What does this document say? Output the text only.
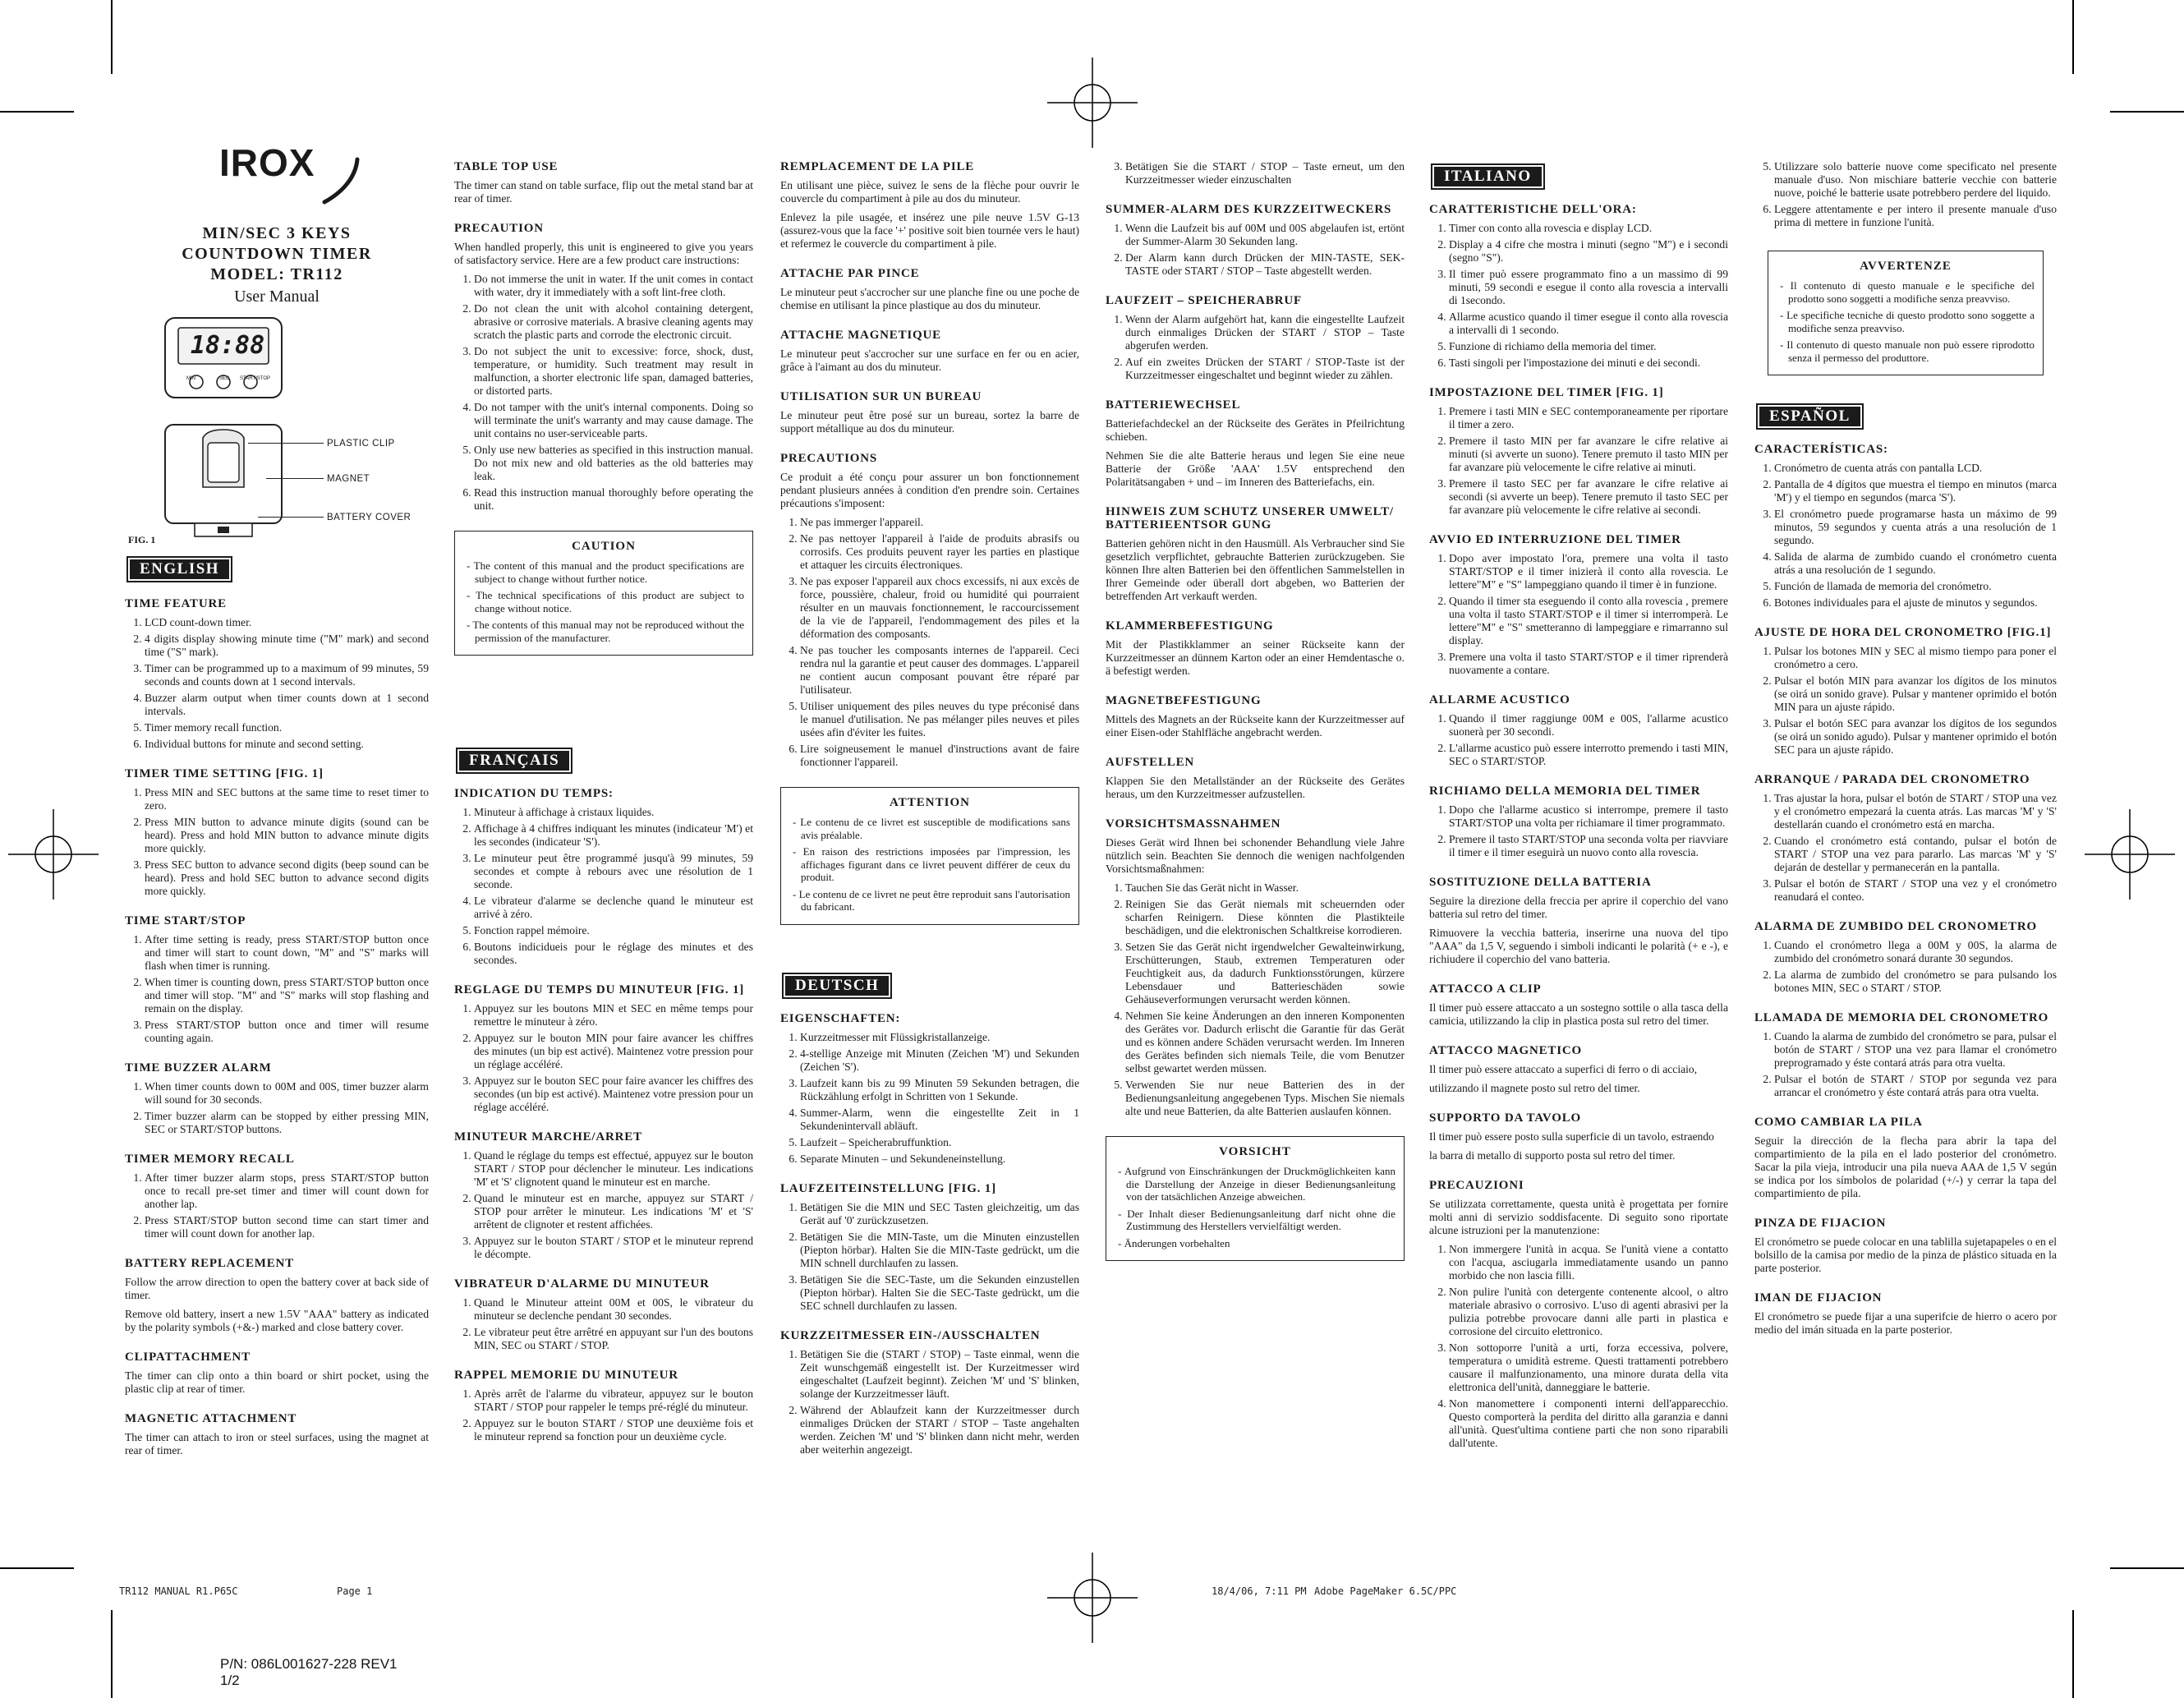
IROX
MIN/SEC 3 KEYS
COUNTDOWN TIMER
MODEL: TR112
User Manual
18:88
MIN	SEC START/STOP
PLASTIC CLIP
MAGNET
BATTERY COVER
FIG. 1
ENGLISH
TIME FEATURE
1. LCD count-down timer.
2. 4 digits display showing minute time ("M" mark) and second time ("S" mark).
3. Timer can be programmed up to a maximum of 99 minutes, 59 seconds and counts down at 1 second intervals.
4. Buzzer alarm output when timer counts down at 1 second intervals.
5. Timer memory recall function.
6. Individual buttons for minute and second setting.
TIMER TIME SETTING [FIG. 1]
1. Press MIN and SEC buttons at the same time to reset timer to zero.
2. Press MIN button to advance minute digits (sound can be heard). Press and hold MIN button to advance minute digits more quickly.
3. Press SEC button to advance second digits (beep sound can be heard). Press and hold SEC button to advance second digits more quickly.
TIME START/STOP
1. After time setting is ready, press START/STOP button once and timer will start to count down, "M" and "S" marks will flash when timer is running.
2. When timer is counting down, press START/STOP button once and timer will stop. "M" and "S" marks will stop flashing and remain on the display.
3. Press START/STOP button once and timer will resume counting again.
TIME BUZZER ALARM
1. When timer counts down to 00M and 00S, timer buzzer alarm will sound for 30 seconds.
2. Timer buzzer alarm can be stopped by either pressing MIN, SEC or START/STOP buttons.
TIMER MEMORY RECALL
1. After timer buzzer alarm stops, press START/STOP button once to recall pre-set timer and timer will count down for another lap.
2. Press START/STOP button second time can start timer and timer will count down for another lap.
BATTERY REPLACEMENT

Follow the arrow direction to open the battery cover at back side of timer.

Remove old battery, insert a new 1.5V "AAA" battery as indicated by the polarity symbols (+&-) marked and close battery cover.

CLIPATTACHMENT

The timer can clip onto a thin board or shirt pocket, using the plastic clip at rear of timer.

MAGNETIC ATTACHMENT

The timer can attach to iron or steel surfaces, using the magnet at rear of timer.

TABLE TOP USE

The timer can stand on table surface, flip out the metal stand bar at rear of timer.

PRECAUTION

When handled properly, this unit is engineered to give you years of satisfactory service. Here are a few product care instructions:

1. Do not immerse the unit in water. If the unit comes in contact with water, dry it immediately with a soft lint-free cloth.
2. Do not clean the unit with alcohol containing detergent, abrasive or corrosive materials. A brasive cleaning agents may scratch the plastic parts and corrode the electronic circuit.
3. Do not subject the unit to excessive: force, shock, dust, temperature, or humidity. Such treatment may result in malfunction, a shorter electronic life span, damaged batteries, or distorted parts.
4. Do not tamper with the unit's internal components. Doing so will terminate the unit's warranty and may cause damage. The unit contains no user-serviceable parts.
5. Only use new batteries as specified in this instruction manual. Do not mix new and old batteries as the old batteries may leak.
6. Read this instruction manual thoroughly before operating the unit.
CAUTION
- The content of this manual and the product specifications are subject to change without further notice.
- The technical specifications of this product are subject to change without notice.
- The contents of this manual may not be reproduced without the permission of the manufacturer.
FRANÇAIS
INDICATION DU TEMPS:
1. Minuteur à affichage à cristaux liquides.
2. Affichage à 4 chiffres indiquant les minutes (indicateur 'M') et les secondes (indicateur 'S').
3. Le minuteur peut être programmé jusqu'à 99 minutes, 59 secondes et compte à rebours avec une résolution de 1 seconde.
4. Le vibrateur d'alarme se declenche quand le minuteur est arrivé à zéro.
5. Fonction rappel mémoire.
6. Boutons indicidueis pour le réglage des minutes et des secondes.
REGLAGE DU TEMPS DU MINUTEUR [FIG. 1]
1. Appuyez sur les boutons MIN et SEC en même temps pour remettre le minuteur à zéro.
2. Appuyez sur le bouton MIN pour faire avancer les chiffres des minutes (un bip est activé). Maintenez votre pression pour un réglage accéléré.
3. Appuyez sur le bouton SEC pour faire avancer les chiffres des secondes (un bip est activé). Maintenez votre pression pour un réglage accéléré.
MINUTEUR MARCHE/ARRET
1. Quand le réglage du temps est effectué, appuyez sur le bouton START / STOP pour déclencher le minuteur. Les indications 'M' et 'S' clignotent quand le minuteur est en marche.
2. Quand le minuteur est en marche, appuyez sur START / STOP pour arrêter le minuteur. Les indications 'M' et 'S' arrêtent de clignoter et restent affichées.
3. Appuyez sur le bouton START / STOP et le minuteur reprend le décompte.
VIBRATEUR D'ALARME DU MINUTEUR
1. Quand le Minuteur atteint 00M et 00S, le vibrateur du minuteur se declenche pendant 30 secondes.
2. Le vibrateur peut être arrêtré en appuyant sur l'un des boutons MIN, SEC ou START / STOP.
RAPPEL MEMORIE DU MINUTEUR
1. Après arrêt de l'alarme du vibrateur, appuyez sur le bouton START / STOP pour rappeler le temps pré-réglé du minuteur.
2. Appuyez sur le bouton START / STOP une deuxième fois et le minuteur reprend sa fonction pour un deuxième cycle.
REMPLACEMENT DE LA PILE

En utilisant une pièce, suivez le sens de la flèche pour ouvrir le couvercle du compartiment à pile au dos du minuteur.

Enlevez la pile usagée, et insérez une pile neuve 1.5V G-13 (assurez-vous que la face '+' positive soit bien tournée vers le haut) et refermez le couvercle du compartiment à pile.

ATTACHE PAR PINCE

Le minuteur peut s'accrocher sur une planche fine ou une poche de chemise en utilisant la pince plastique au dos du minuteur.

ATTACHE MAGNETIQUE

Le minuteur peut s'accrocher sur une surface en fer ou en acier, grâce à l'aimant au dos du minuteur.

UTILISATION SUR UN BUREAU

Le minuteur peut être posé sur un bureau, sortez la barre de support métallique au dos du minuteur.

PRECAUTIONS

Ce produit a été conçu pour assurer un bon fonctionnement pendant plusieurs années à condition d'en prendre soin. Certaines précautions s'imposent:

1. Ne pas immerger l'appareil.
2. Ne pas nettoyer l'appareil à l'aide de produits abrasifs ou corrosifs. Ces produits peuvent rayer les parties en plastique et attaquer les circuits électroniques.
3. Ne pas exposer l'appareil aux chocs excessifs, ni aux excès de force, poussière, chaleur, froid ou humidité qui pourraient résulter en un mauvais fonctionnement, le raccourcissement de la vie de l'appareil, l'endommagement des piles et la déformation des composants.
4. Ne pas toucher les composants internes de l'appareil. Ceci rendra nul la garantie et peut causer des dommages. L'appareil ne contient aucun composant pouvant être réparé par l'utilisateur.
5. Utiliser uniquement des piles neuves du type préconisé dans le manuel d'utilisation. Ne pas mélanger piles neuves et piles usées afin d'éviter les fuites.
6. Lire soigneusement le manuel d'instructions avant de faire fonctionner l'appareil.
ATTENTION
- Le contenu de ce livret est susceptible de modifications sans avis préalable.
- En raison des restrictions imposées par l'impression, les affichages figurant dans ce livret peuvent différer de ceux du produit.
- Le contenu de ce livret ne peut être reproduit sans l'autorisation du fabricant.
DEUTSCH
EIGENSCHAFTEN:
1. Kurzzeitmesser mit Flüssigkristallanzeige.
2. 4-stellige Anzeige mit Minuten (Zeichen 'M') und Sekunden (Zeichen 'S').
3. Laufzeit kann bis zu 99 Minuten 59 Sekunden betragen, die Rückzählung erfolgt in Schritten von 1 Sekunde.
4. Summer-Alarm, wenn die eingestellte Zeit in 1 Sekundenintervall abläuft.
5. Laufzeit – Speicherabruffunktion.
6. Separate Minuten – und Sekundeneinstellung.
LAUFZEITEINSTELLUNG [FIG. 1]
1. Betätigen Sie die MIN und SEC Tasten gleichzeitig, um das Gerät auf '0' zurückzusetzen.
2. Betätigen Sie die MIN-Taste, um die Minuten einzustellen (Piepton hörbar). Halten Sie die MIN-Taste gedrückt, um die MIN schnell durchlaufen zu lassen.
3. Betätigen Sie die SEC-Taste, um die Sekunden einzustellen (Piepton hörbar). Halten Sie die SEC-Taste gedrückt, um die SEC schnell durchlaufen zu lassen.
KURZZEITMESSER EIN-/AUSSCHALTEN
1. Betätigen Sie die (START / STOP) – Taste einmal, wenn die Zeit wunschgemäß eingestellt ist. Der Kurzeitmesser wird eingeschaltet (Laufzeit beginnt). Zeichen 'M' und 'S' blinken, solange der Kurzzeitmesser läuft.
2. Während der Ablaufzeit kann der Kurzzeitmesser durch einmaliges Drücken der START / STOP – Taste angehalten werden. Zeichen 'M' und 'S' blinken dann nicht mehr, werden aber weiterhin angezeigt.
3. Betätigen Sie die START / STOP – Taste erneut, um den Kurzzeitmesser wieder einzuschalten
SUMMER-ALARM DES KURZZEITWECKERS
1. Wenn die Laufzeit bis auf 00M und 00S abgelaufen ist, ertönt der Summer-Alarm 30 Sekunden lang.
2. Der Alarm kann durch Drücken der MIN-TASTE, SEK-TASTE oder START / STOP – Taste abgestellt werden.
LAUFZEIT – SPEICHERABRUF
1. Wenn der Alarm aufgehört hat, kann die eingestellte Laufzeit durch einmaliges Drücken der START / STOP – Taste abgerufen werden.
2. Auf ein zweites Drücken der START / STOP-Taste ist der Kurzzeitmesser eingeschaltet und beginnt wieder zu zählen.
BATTERIEWECHSEL

Batteriefachdeckel an der Rückseite des Gerätes in Pfeilrichtung schieben.

Nehmen Sie die alte Batterie heraus und legen Sie eine neue Batterie der Größe 'AAA' 1.5V entsprechend den Polaritätsangaben + und – im Inneren des Batteriefachs, ein.

HINWEIS ZUM SCHUTZ UNSERER UMWELT/ BATTERIEENTSOR GUNG

Batterien gehören nicht in den Hausmüll. Als Verbraucher sind Sie gesetzlich verpflichtet, gebrauchte Batterien zurückzugeben. Sie können Ihre alten Batterien bei den öffentlichen Sammelstellen in Ihrer Gemeinde oder überall dort abgeben, wo Batterien der betreffenden Art verkauft werden.

KLAMMERBEFESTIGUNG

Mit der Plastikklammer an seiner Rückseite kann der Kurzzeitmesser an dünnem Karton oder an einer Hemdentasche o. ä befestigt werden.

MAGNETBEFESTIGUNG

Mittels des Magnets an der Rückseite kann der Kurzzeitmesser auf einer Eisen-oder Stahlfläche angebracht werden.

AUFSTELLEN

Klappen Sie den Metallständer an der Rückseite des Gerätes heraus, um den Kurzzeitmesser aufzustellen.

VORSICHTSMASSNAHMEN

Dieses Gerät wird Ihnen bei schonender Behandlung viele Jahre nützlich sein. Beachten Sie dennoch die wenigen nachfolgenden Vorsichtsmaßnahmen:

1. Tauchen Sie das Gerät nicht in Wasser.
2. Reinigen Sie das Gerät niemals mit scheuernden oder scharfen Reinigern. Diese könnten die Plastikteile beschädigen, und die elektronischen Schaltkreise korrodieren.
3. Setzen Sie das Gerät nicht irgendwelcher Gewalteinwirkung, Erschütterungen, Staub, extremen Temperaturen oder Feuchtigkeit aus, da dadurch Funktionsstörungen, kürzere Lebensdauer und Batterieschäden sowie Gehäuseverformungen verursacht werden können.
4. Nehmen Sie keine Änderungen an den inneren Komponenten des Gerätes vor. Dadurch erlischt die Garantie für das Gerät und es können andere Schäden verursacht werden. Im Inneren des Gerätes befinden sich niemals Teile, die vom Benutzer selbst gewartet werden müssen.
5. Verwenden Sie nur neue Batterien des in der Bedienungsanleitung angegebenen Typs. Mischen Sie niemals alte und neue Batterien, da alte Batterien auslaufen können.
VORSICHT
- Aufgrund von Einschränkungen der Druckmöglichkeiten kann die Darstellung der Anzeige in dieser Bedienungsanleitung von der tatsächlichen Anzeige abweichen.
- Der Inhalt dieser Bedienungsanleitung darf nicht ohne die Zustimmung des Herstellers vervielfältigt werden.
- Änderungen vorbehalten
ITALIANO
CARATTERISTICHE DELL'ORA:
1. Timer con conto alla rovescia e display LCD.
2. Display a 4 cifre che mostra i minuti (segno "M") e i secondi (segno "S").
3. Il timer può essere programmato fino a un massimo di 99 minuti, 59 secondi e esegue il conto alla rovescia a intervalli di 1secondo.
4. Allarme acustico quando il timer esegue il conto alla rovescia a intervalli di 1 secondo.
5. Funzione di richiamo della memoria del timer.
6. Tasti singoli per l'impostazione dei minuti e dei secondi.
IMPOSTAZIONE DEL TIMER [FIG. 1]
1. Premere i tasti MIN e SEC contemporaneamente per riportare il timer a zero.
2. Premere il tasto MIN per far avanzare le cifre relative ai minuti (si avverte un suono). Tenere premuto il tasto MIN per far avanzare più velocemente le cifre relative ai minuti.
3. Premere il tasto SEC per far avanzare le cifre relative ai secondi (si avverte un beep). Tenere premuto il tasto SEC per far avanzare più velocemente le cifre relative ai secondi.
AVVIO ED INTERRUZIONE DEL TIMER
1. Dopo aver impostato l'ora, premere una volta il tasto START/STOP e il timer inizierà il conto alla rovescia. Le lettere"M" e "S" lampeggiano quando il timer è in funzione.
2. Quando il timer sta eseguendo il conto alla rovescia , premere una volta il tasto START/STOP e il timer si interromperà. Le lettere"M" e "S" smetteranno di lampeggiare e rimarranno sul display.
3. Premere una volta il tasto START/STOP e il timer riprenderà nuovamente a contare.
ALLARME ACUSTICO
1. Quando il timer raggiunge 00M e 00S, l'allarme acustico suonerà per 30 secondi.
2. L'allarme acustico può essere interrotto premendo i tasti MIN, SEC o START/STOP.
RICHIAMO DELLA MEMORIA DEL TIMER
1. Dopo che l'allarme acustico si interrompe, premere il tasto START/STOP una volta per richiamare il timer programmato.
2. Premere il tasto START/STOP una seconda volta per riavviare il timer e il timer eseguirà un nuovo conto alla rovescia.
SOSTITUZIONE DELLA BATTERIA

Seguire la direzione della freccia per aprire il coperchio del vano batteria sul retro del timer.

Rimuovere la vecchia batteria, inserirne una nuova del tipo "AAA" da 1,5 V, seguendo i simboli indicanti le polarità (+ e -), e richiudere il coperchio del vano batteria.

ATTACCO A CLIP

Il timer può essere attaccato a un sostegno sottile o alla tasca della camicia, utilizzando la clip in plastica posta sul retro del timer.

ATTACCO MAGNETICO

Il timer può essere attaccato a superfici di ferro o di acciaio,

utilizzando il magnete posto sul retro del timer.

SUPPORTO DA TAVOLO

Il timer può essere posto sulla superficie di un tavolo, estraendo

la barra di metallo di supporto posta sul retro del timer.

PRECAUZIONI

Se utilizzata correttamente, questa unità è progettata per fornire molti anni di servizio soddisfacente. Di seguito sono riportate alcune istruzioni per la manutenzione:

1. Non immergere l'unità in acqua. Se l'unità viene a contatto con l'acqua, asciugarla immediatamente usando un panno morbido che non lascia filli.
2. Non pulire l'unità con detergente contenente alcool, o altro materiale abrasivo o corrosivo. L'uso di agenti abrasivi per la pulizia potrebbe provocare danni alle parti in plastica e corrosione del circuito elettronico.
3. Non sottoporre l'unità a urti, forza eccessiva, polvere, temperatura o umidità estreme. Questi trattamenti potrebbero causare il malfunzionamento, una minore durata della vita elettronica dell'unità, danneggiare le batterie.
4. Non manomettere i componenti interni dell'apparecchio. Questo comporterà la perdita del diritto alla garanzia e danni all'unità. Quest'ultima contiene parti che non sono riparabili dall'utente.
5. Utilizzare solo batterie nuove come specificato nel presente manuale d'uso. Non mischiare batterie vecchie con batterie nuove, poiché le batterie usate potrebbero perdere del liquido.
6. Leggere attentamente e per intero il presente manuale d'uso prima di mettere in funzione l'unità.
AVVERTENZE
- Il contenuto di questo manuale e le specifiche del prodotto sono soggetti a modifiche senza preavviso.
- Le specifiche tecniche di questo prodotto sono soggette a modifiche senza preavviso.
- Il contenuto di questo manuale non può essere riprodotto senza il permesso del produttore.
ESPAÑOL
CARACTERÍSTICAS:
1. Cronómetro de cuenta atrás con pantalla LCD.
2. Pantalla de 4 dígitos que muestra el tiempo en minutos (marca 'M') y el tiempo en segundos (marca 'S').
3. El cronómetro puede programarse hasta un máximo de 99 minutos, 59 segundos y cuenta atrás a una resolución de 1 segundo.
4. Salida de alarma de zumbido cuando el cronómetro cuenta atrás a una resolución de 1 segundo.
5. Función de llamada de memoria del cronómetro.
6. Botones individuales para el ajuste de minutos y segundos.
AJUSTE DE HORA DEL CRONOMETRO [FIG.1]
1. Pulsar los botones MIN y SEC al mismo tiempo para poner el cronómetro a cero.
2. Pulsar el botón MIN para avanzar los dígitos de los minutos (se oirá un sonido grave). Pulsar y mantener oprimido el botón MIN para un ajuste rápido.
3. Pulsar el botón SEC para avanzar los dígitos de los segundos (se oirá un sonido agudo). Pulsar y mantener oprimido el botón SEC para un ajuste rápido.
ARRANQUE / PARADA DEL CRONOMETRO
1. Tras ajustar la hora, pulsar el botón de START / STOP una vez y el cronómetro empezará la cuenta atrás. Las marcas 'M' y 'S' destellarán cuando el cronómetro está en marcha.
2. Cuando el cronómetro está contando, pulsar el botón de START / STOP una vez para pararlo. Las marcas 'M' y 'S' dejarán de destellar y permanecerán en la pantalla.
3. Pulsar el botón de START / STOP una vez y el cronómetro reanudará el conteo.
ALARMA DE ZUMBIDO DEL CRONOMETRO
1. Cuando el cronómetro llega a 00M y 00S, la alarma de zumbido del cronómetro sonará durante 30 segundos.
2. La alarma de zumbido del cronómetro se para pulsando los botones MIN, SEC o START / STOP.
LLAMADA DE MEMORIA DEL CRONOMETRO
1. Cuando la alarma de zumbido del cronómetro se para, pulsar el botón de START / STOP una vez para llamar el cronómetro preprogramado y éste contará atrás para otra vuelta.
2. Pulsar el botón de START / STOP por segunda vez para arrancar el cronómetro y éste contará atrás para otra vuelta.
COMO CAMBIAR LA PILA

Seguir la dirección de la flecha para abrir la tapa del compartimiento de la pila en el lado posterior del cronómetro. Sacar la pila vieja, introducir una pila nueva AAA de 1,5 V según se indica por los símbolos de polaridad (+/-) y cerrar la tapa del compartimiento de pila.

PINZA DE FIJACION

El cronómetro se puede colocar en una tablilla sujetapapeles o en el bolsillo de la camisa por medio de la pinza de plástico situada en la parte posterior.

IMAN DE FIJACION

El cronómetro se puede fijar a una superifcie de hierro o acero por medio del imán situada en la parte posterior.

TR112 MANUAL R1.P65C	Page 1	18/4/06, 7:11 PM Adobe PageMaker 6.5C/PPC
P/N: 086L001627-228 REV1
1/2
